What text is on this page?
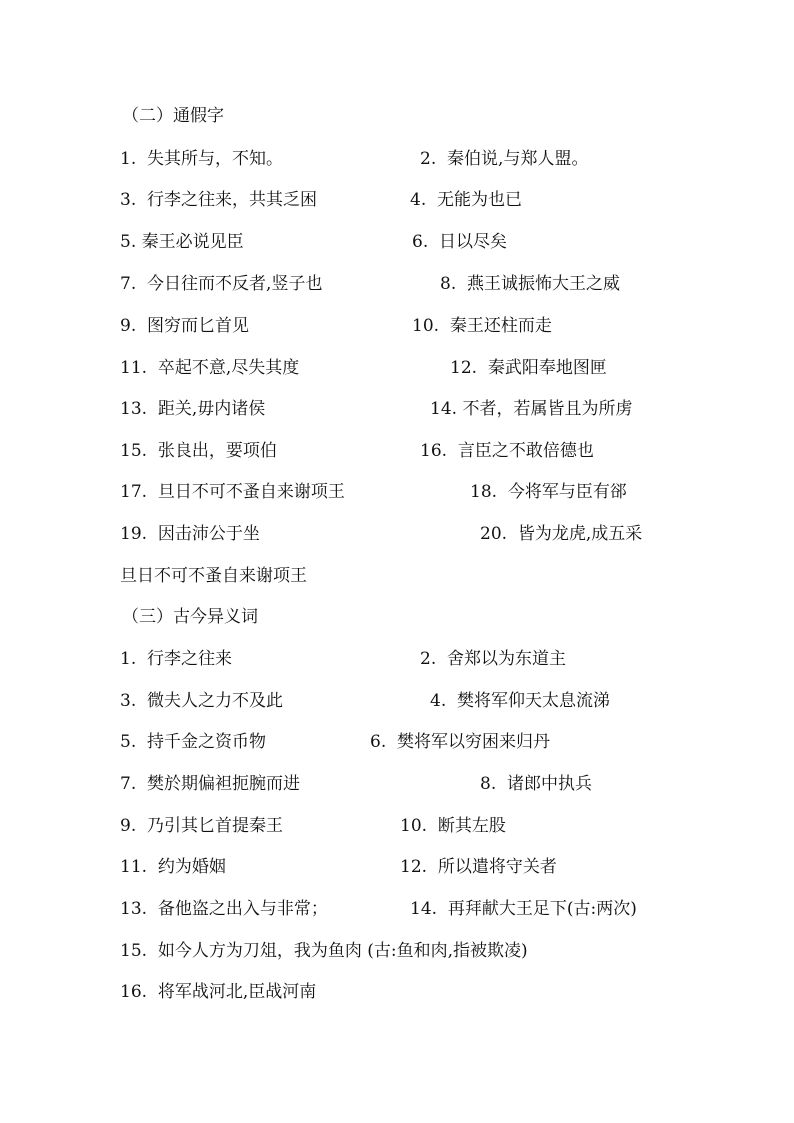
（二）通假字
1. 失其所与，不知。	2. 秦伯说,与郑人盟。
3. 行李之往来，共其乏困	4. 无能为也已
5. 秦王必说见臣	6. 日以尽矣
7. 今日往而不反者,竖子也	8. 燕王诚振怖大王之威
9. 图穷而匕首见	10. 秦王还柱而走
11. 卒起不意,尽失其度	12. 秦武阳奉地图匣
13. 距关,毋内诸侯	14. 不者，若属皆且为所虏
15. 张良出，要项伯	16. 言臣之不敢倍德也
17. 旦日不可不蚤自来谢项王	18. 今将军与臣有郤
19. 因击沛公于坐	20. 皆为龙虎,成五采
旦日不可不蚤自来谢项王
（三）古今异义词
1. 行李之往来	2. 舍郑以为东道主
3. 微夫人之力不及此	4. 樊将军仰天太息流涕
5. 持千金之资币物	6. 樊将军以穷困来归丹
7. 樊於期偏袒扼腕而进	8. 诸郎中执兵
9. 乃引其匕首提秦王	10. 断其左股
11. 约为婚姻	12. 所以遣将守关者
13. 备他盗之出入与非常；	14. 再拜献大王足下(古:两次)
15. 如今人方为刀俎，我为鱼肉 (古:鱼和肉,指被欺凌)
16. 将军战河北,臣战河南
